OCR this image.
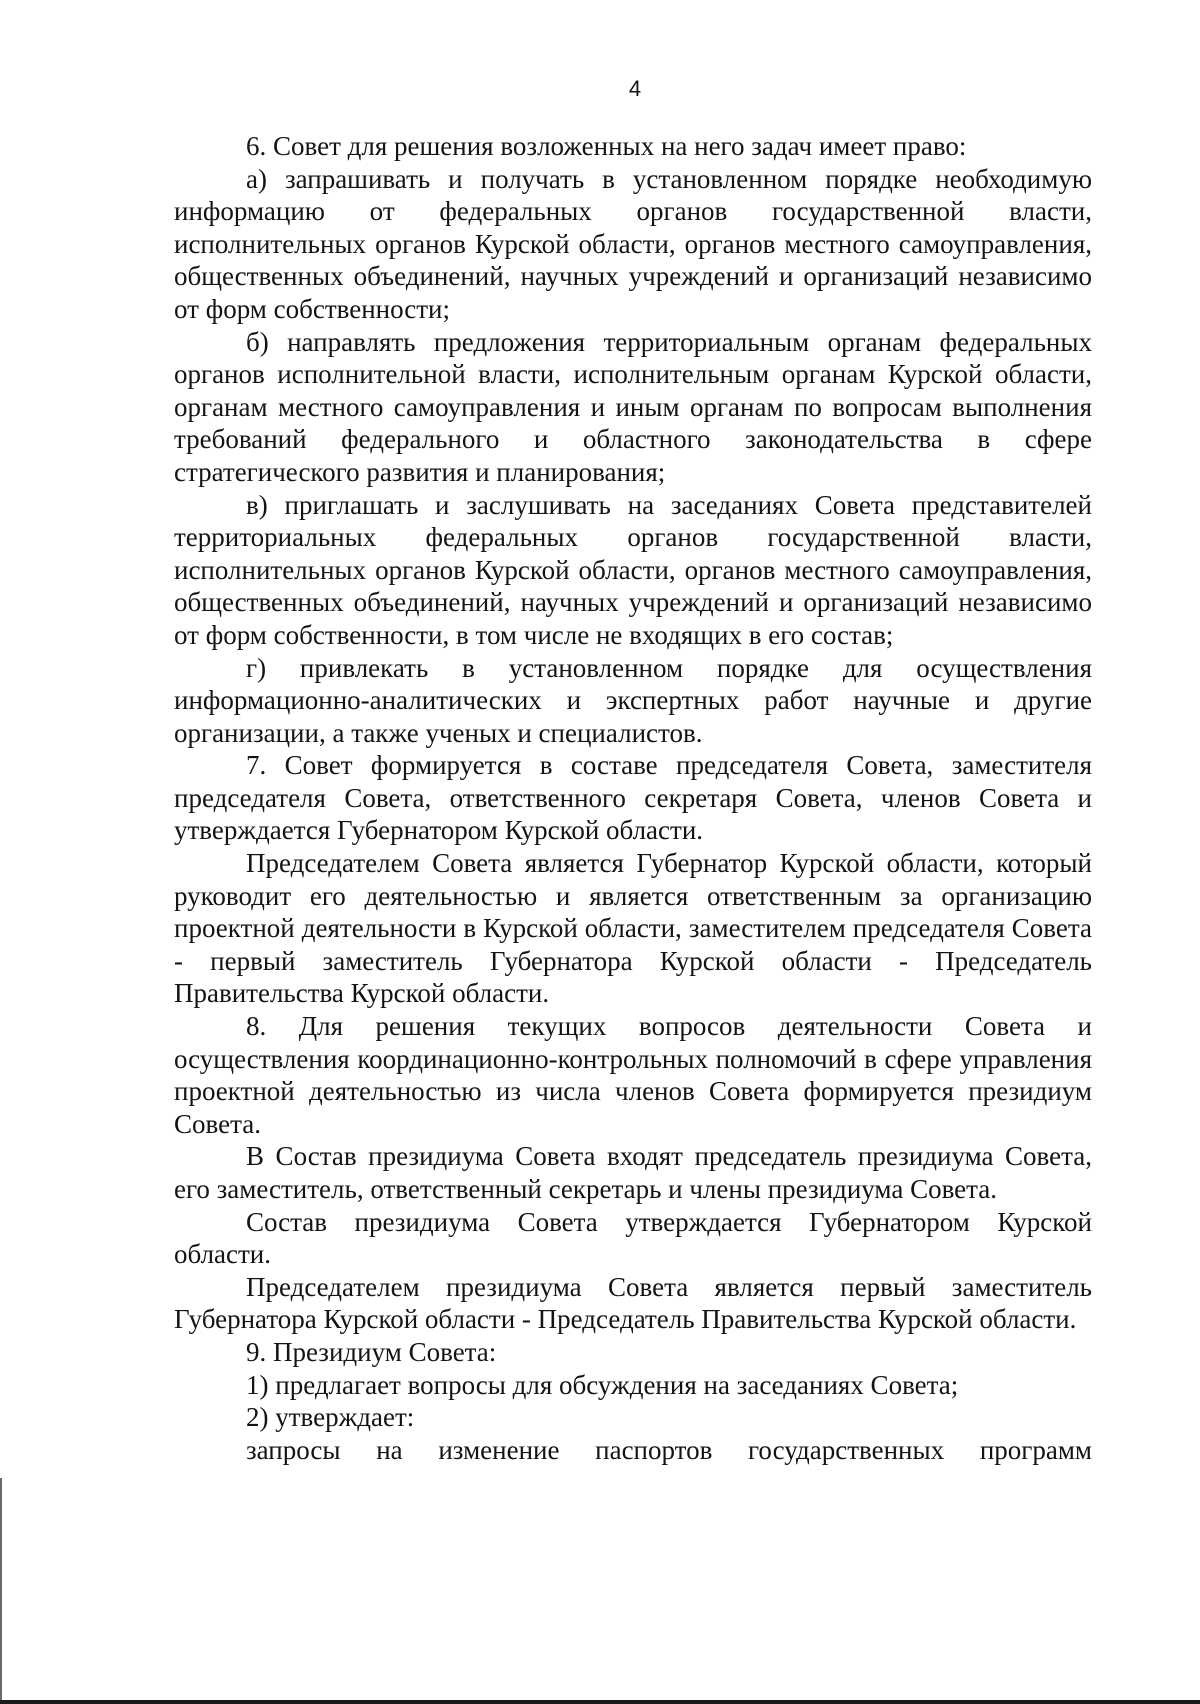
4

6. Совет для решения возложенных на него задач имеет право:

а) запрашивать и получать в установленном порядке необходимую информацию от федеральных органов государственной власти, исполнительных органов Курской области, органов местного самоуправления, общественных объединений, научных учреждений и организаций независимо от форм собственности;

б) направлять предложения территориальным органам федеральных органов исполнительной власти, исполнительным органам Курской области, органам местного самоуправления и иным органам по вопросам выполнения требований федерального и областного законодательства в сфере стратегического развития и планирования;

в) приглашать и заслушивать на заседаниях Совета представителей территориальных федеральных органов государственной власти, исполнительных органов Курской области, органов местного самоуправления, общественных объединений, научных учреждений и организаций независимо от форм собственности, в том числе не входящих в его состав;

г) привлекать в установленном порядке для осуществления информационно-аналитических и экспертных работ научные и другие организации, а также ученых и специалистов.

7. Совет формируется в составе председателя Совета, заместителя председателя Совета, ответственного секретаря Совета, членов Совета и утверждается Губернатором Курской области.

Председателем Совета является Губернатор Курской области, который руководит его деятельностью и является ответственным за организацию проектной деятельности в Курской области, заместителем председателя Совета - первый заместитель Губернатора Курской области - Председатель Правительства Курской области.

8. Для решения текущих вопросов деятельности Совета и осуществления координационно-контрольных полномочий в сфере управления проектной деятельностью из числа членов Совета формируется президиум Совета.

В Состав президиума Совета входят председатель президиума Совета, его заместитель, ответственный секретарь и члены президиума Совета.

Состав президиума Совета утверждается Губернатором Курской области.

Председателем президиума Совета является первый заместитель Губернатора Курской области - Председатель Правительства Курской области.

9. Президиум Совета:

1) предлагает вопросы для обсуждения на заседаниях Совета;

2) утверждает:

запросы на изменение паспортов государственных программ
